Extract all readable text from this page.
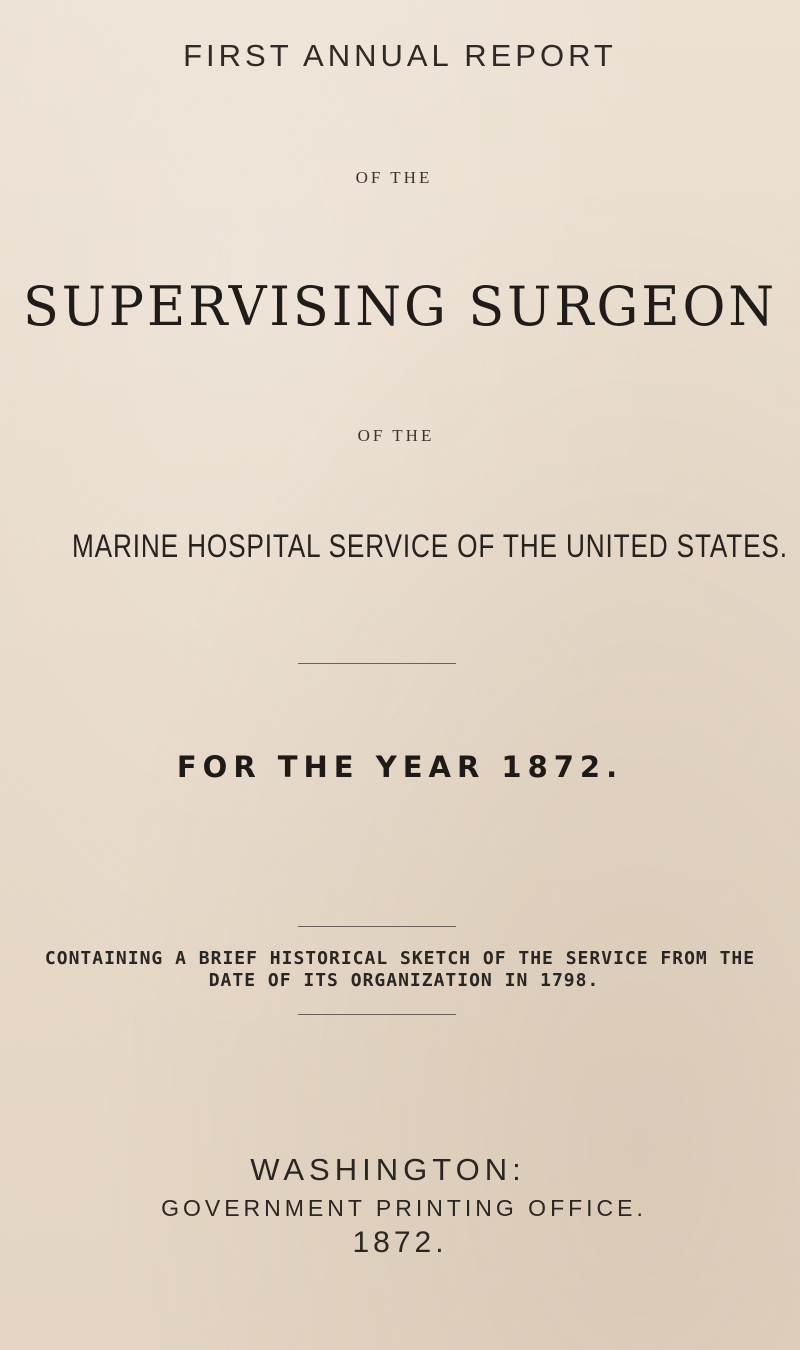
FIRST ANNUAL REPORT
OF THE
SUPERVISING SURGEON
OF THE
MARINE HOSPITAL SERVICE OF THE UNITED STATES.
FOR THE YEAR 1872.
CONTAINING A BRIEF HISTORICAL SKETCH OF THE SERVICE FROM THE
DATE OF ITS ORGANIZATION IN 1798.
WASHINGTON:
GOVERNMENT PRINTING OFFICE.
1872.
